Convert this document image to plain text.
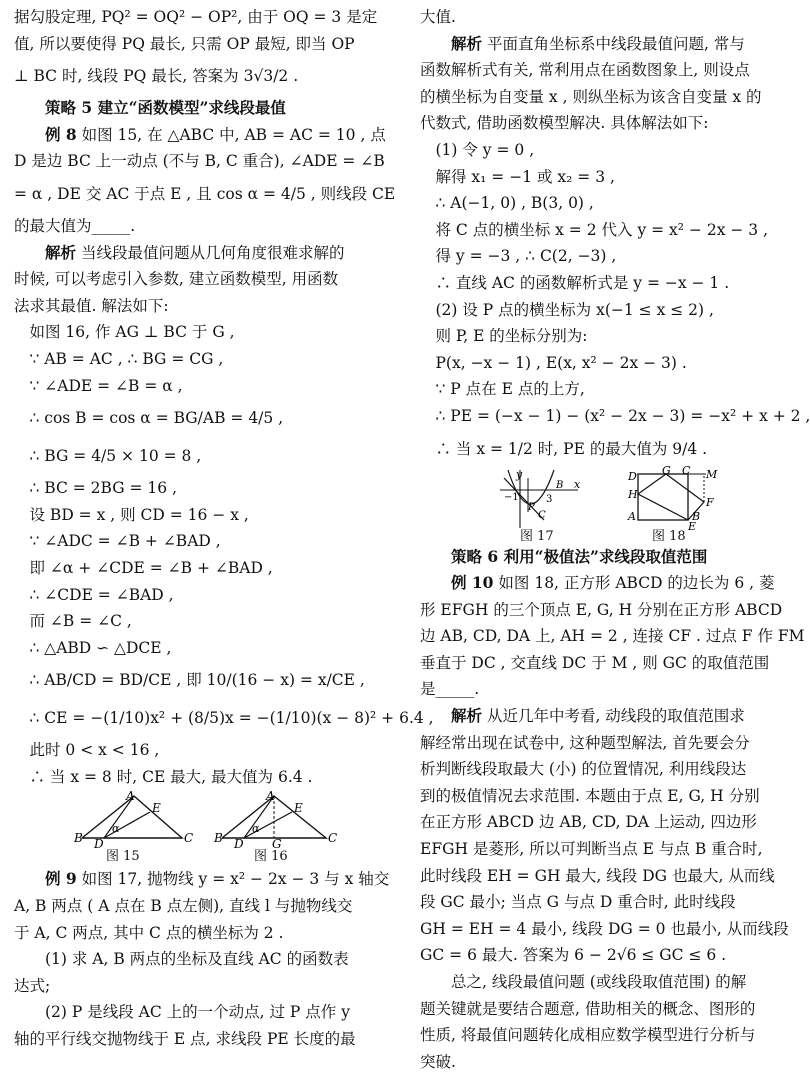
据勾股定理, PQ² = OQ² − OP², 由于 OQ = 3 是定
值, 所以要使得 PQ 最长, 只需 OP 最短, 即当 OP
⊥ BC 时, 线段 PQ 最长, 答案为 3√3/2 .
策略 5 建立“函数模型”求线段最值
例 8 如图 15, 在 △ABC 中, AB = AC = 10 , 点
D 是边 BC 上一动点 (不与 B, C 重合), ∠ADE = ∠B
= α , DE 交 AC 于点 E , 且 cos α = 4/5 , 则线段 CE
的最大值为_____.
解析 当线段最值问题从几何角度很难求解的
时候, 可以考虑引入参数, 建立函数模型, 用函数
法求其最值. 解法如下:
如图 16, 作 AG ⊥ BC 于 G ,
∵ AB = AC , ∴ BG = CG ,
∵ ∠ADE = ∠B = α ,
∴ cos B = cos α = BG/AB = 4/5 ,
∴ BG = 4/5 × 10 = 8 ,
∴ BC = 2BG = 16 ,
设 BD = x , 则 CD = 16 − x ,
∵ ∠ADC = ∠B + ∠BAD ,
即 ∠α + ∠CDE = ∠B + ∠BAD ,
∴ ∠CDE = ∠BAD ,
而 ∠B = ∠C ,
∴ △ABD ∽ △DCE ,
∴ AB/CD = BD/CE , 即 10/(16 − x) = x/CE ,
∴ CE = −(1/10)x² + (8/5)x = −(1/10)(x − 8)² + 6.4 ,
此时 0 < x < 16 ,
∴ 当 x = 8 时, CE 最大, 最大值为 6.4 .
A
B	C
D
E
α
图 15
A
B	C
D
E
G
α
图 16
例 9 如图 17, 抛物线 y = x² − 2x − 3 与 x 轴交
A, B 两点 ( A 点在 B 点左侧), 直线 l 与抛物线交
于 A, C 两点, 其中 C 点的横坐标为 2 .
(1) 求 A, B 两点的坐标及直线 AC 的函数表
达式;
(2) P 是线段 AC 上的一个动点, 过 P 点作 y
轴的平行线交抛物线于 E 点, 求线段 PE 长度的最
大值.
解析 平面直角坐标系中线段最值问题, 常与
函数解析式有关, 常利用点在函数图象上, 则设点
的横坐标为自变量 x , 则纵坐标为该含自变量 x 的
代数式, 借助函数模型解决. 具体解法如下:
(1) 令 y = 0 ,
解得 x₁ = −1 或 x₂ = 3 ,
∴ A(−1, 0) , B(3, 0) ,
将 C 点的横坐标 x = 2 代入 y = x² − 2x − 3 ,
得 y = −3 , ∴ C(2, −3) ,
∴ 直线 AC 的函数解析式是 y = −x − 1 .
(2) 设 P 点的横坐标为 x(−1 ≤ x ≤ 2) ,
则 P, E 的坐标分别为:
P(x, −x − 1) , E(x, x² − 2x − 3) .
∵ P 点在 E 点的上方,
∴ PE = (−x − 1) − (x² − 2x − 3) = −x² + x + 2 ,
∴ 当 x = 1/2 时, PE 的最大值为 9/4 .
y
x
−1	3
P
C
B
图 17
D G C M
F
H
A
E
B
图 18
策略 6 利用“极值法”求线段取值范围
例 10 如图 18, 正方形 ABCD 的边长为 6 , 菱
形 EFGH 的三个顶点 E, G, H 分别在正方形 ABCD
边 AB, CD, DA 上, AH = 2 , 连接 CF . 过点 F 作 FM
垂直于 DC , 交直线 DC 于 M , 则 GC 的取值范围
是_____.
解析 从近几年中考看, 动线段的取值范围求
解经常出现在试卷中, 这种题型解法, 首先要会分
析判断线段取最大 (小) 的位置情况, 利用线段达
到的极值情况去求范围. 本题由于点 E, G, H 分别
在正方形 ABCD 边 AB, CD, DA 上运动, 四边形
EFGH 是菱形, 所以可判断当点 E 与点 B 重合时,
此时线段 EH = GH 最大, 线段 DG 也最大, 从而线
段 GC 最小; 当点 G 与点 D 重合时, 此时线段
GH = EH = 4 最小, 线段 DG = 0 也最小, 从而线段
GC = 6 最大. 答案为 6 − 2√6 ≤ GC ≤ 6 .
总之, 线段最值问题 (或线段取值范围) 的解
题关键就是要结合题意, 借助相关的概念、图形的
性质, 将最值问题转化成相应数学模型进行分析与
突破.
